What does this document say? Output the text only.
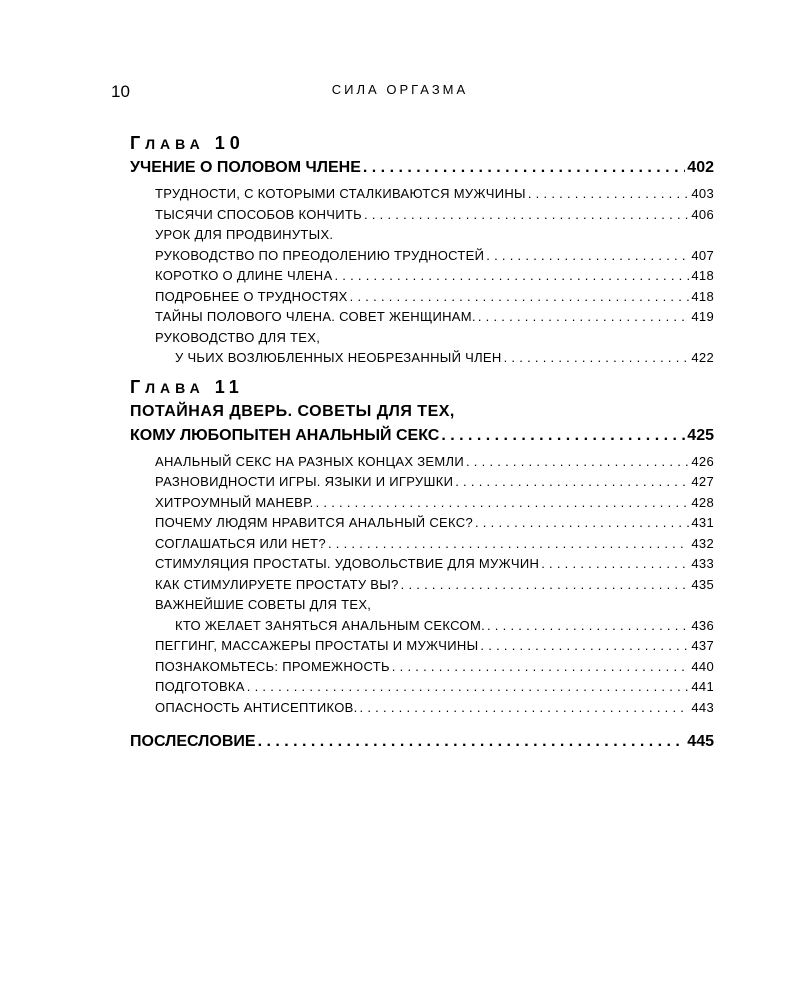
10	СИЛА ОРГАЗМА
ГЛАВА 10
УЧЕНИЕ О ПОЛОВОМ ЧЛЕНЕ . . .	402
ТРУДНОСТИ, С КОТОРЫМИ СТАЛКИВАЮТСЯ МУЖЧИНЫ . . .	403
ТЫСЯЧИ СПОСОБОВ КОНЧИТЬ . . .	406
УРОК ДЛЯ ПРОДВИНУТЫХ.
РУКОВОДСТВО ПО ПРЕОДОЛЕНИЮ ТРУДНОСТЕЙ . . .	407
КОРОТКО О ДЛИНЕ ЧЛЕНА . . .	418
ПОДРОБНЕЕ О ТРУДНОСТЯХ . . .	418
ТАЙНЫ ПОЛОВОГО ЧЛЕНА. СОВЕТ ЖЕНЩИНАМ. . . .	419
РУКОВОДСТВО ДЛЯ ТЕХ,
У ЧЬИХ ВОЗЛЮБЛЕННЫХ НЕОБРЕЗАННЫЙ ЧЛЕН . . .	422
ГЛАВА 11
ПОТАЙНАЯ ДВЕРЬ. СОВЕТЫ ДЛЯ ТЕХ,
КОМУ ЛЮБОПЫТЕН АНАЛЬНЫЙ СЕКС . . .	425
АНАЛЬНЫЙ СЕКС НА РАЗНЫХ КОНЦАХ ЗЕМЛИ . . .	426
РАЗНОВИДНОСТИ ИГРЫ. ЯЗЫКИ И ИГРУШКИ . . .	427
ХИТРОУМНЫЙ МАНЕВР. . . .	428
ПОЧЕМУ ЛЮДЯМ НРАВИТСЯ АНАЛЬНЫЙ СЕКС? . . .	431
СОГЛАШАТЬСЯ ИЛИ НЕТ? . . .	432
СТИМУЛЯЦИЯ ПРОСТАТЫ. УДОВОЛЬСТВИЕ ДЛЯ МУЖЧИН . . .	433
КАК СТИМУЛИРУЕТЕ ПРОСТАТУ ВЫ? . . .	435
ВАЖНЕЙШИЕ СОВЕТЫ ДЛЯ ТЕХ,
КТО ЖЕЛАЕТ ЗАНЯТЬСЯ АНАЛЬНЫМ СЕКСОМ. . . .	436
ПЕГГИНГ, МАССАЖЕРЫ ПРОСТАТЫ И МУЖЧИНЫ . . .	437
ПОЗНАКОМЬТЕСЬ: ПРОМЕЖНОСТЬ . . .	440
ПОДГОТОВКА . . .	441
ОПАСНОСТЬ АНТИСЕПТИКОВ. . . .	443
ПОСЛЕСЛОВИЕ . . .	445
